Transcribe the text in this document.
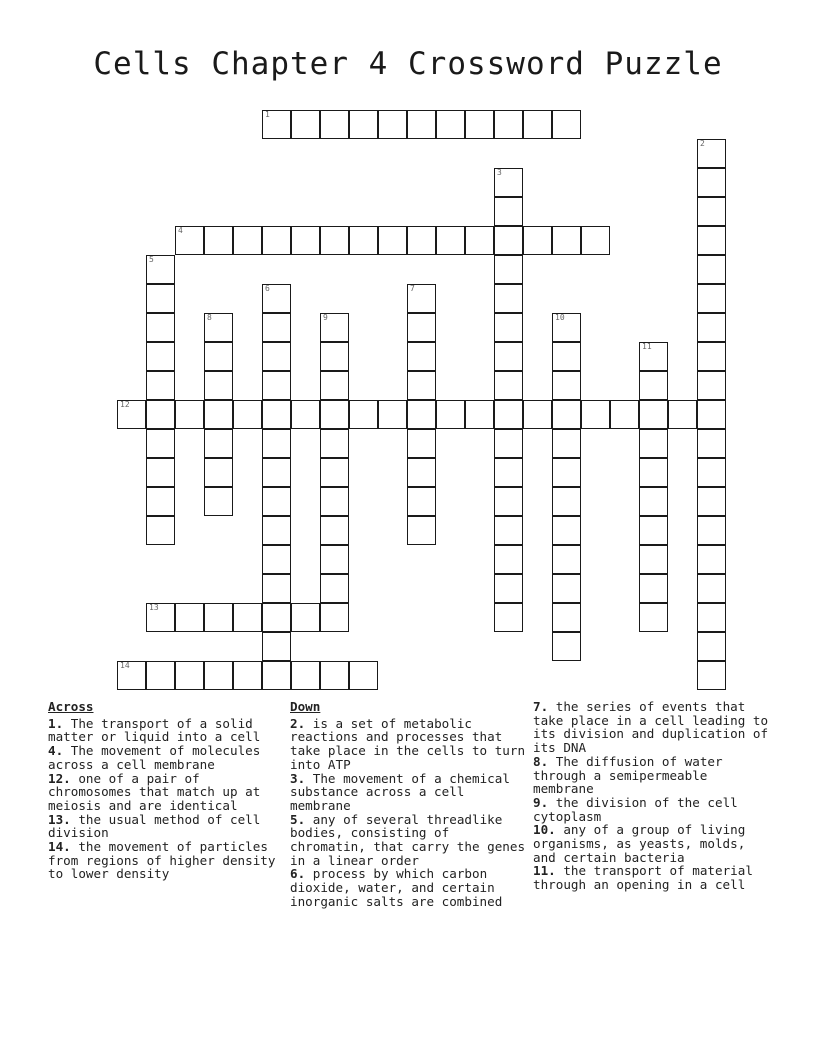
Cells Chapter 4 Crossword Puzzle
1
2
3
4
5
6	7
8	9	10
11
12
13
14
Across
1. The transport of a solid matter or liquid into a cell
4. The movement of molecules across a cell membrane
12. one of a pair of chromosomes that match up at meiosis and are identical
13. the usual method of cell division
14. the movement of particles from regions of higher density to lower density
Down
2. is a set of metabolic reactions and processes that take place in the cells to turn into ATP
3. The movement of a chemical substance across a cell membrane
5. any of several threadlike bodies, consisting of chromatin, that carry the genes in a linear order
6. process by which carbon dioxide, water, and certain inorganic salts are combined
7. the series of events that take place in a cell leading to its division and duplication of its DNA
8. The diffusion of water through a semipermeable membrane
9. the division of the cell cytoplasm
10. any of a group of living organisms, as yeasts, molds, and certain bacteria
11. the transport of material through an opening in a cell
